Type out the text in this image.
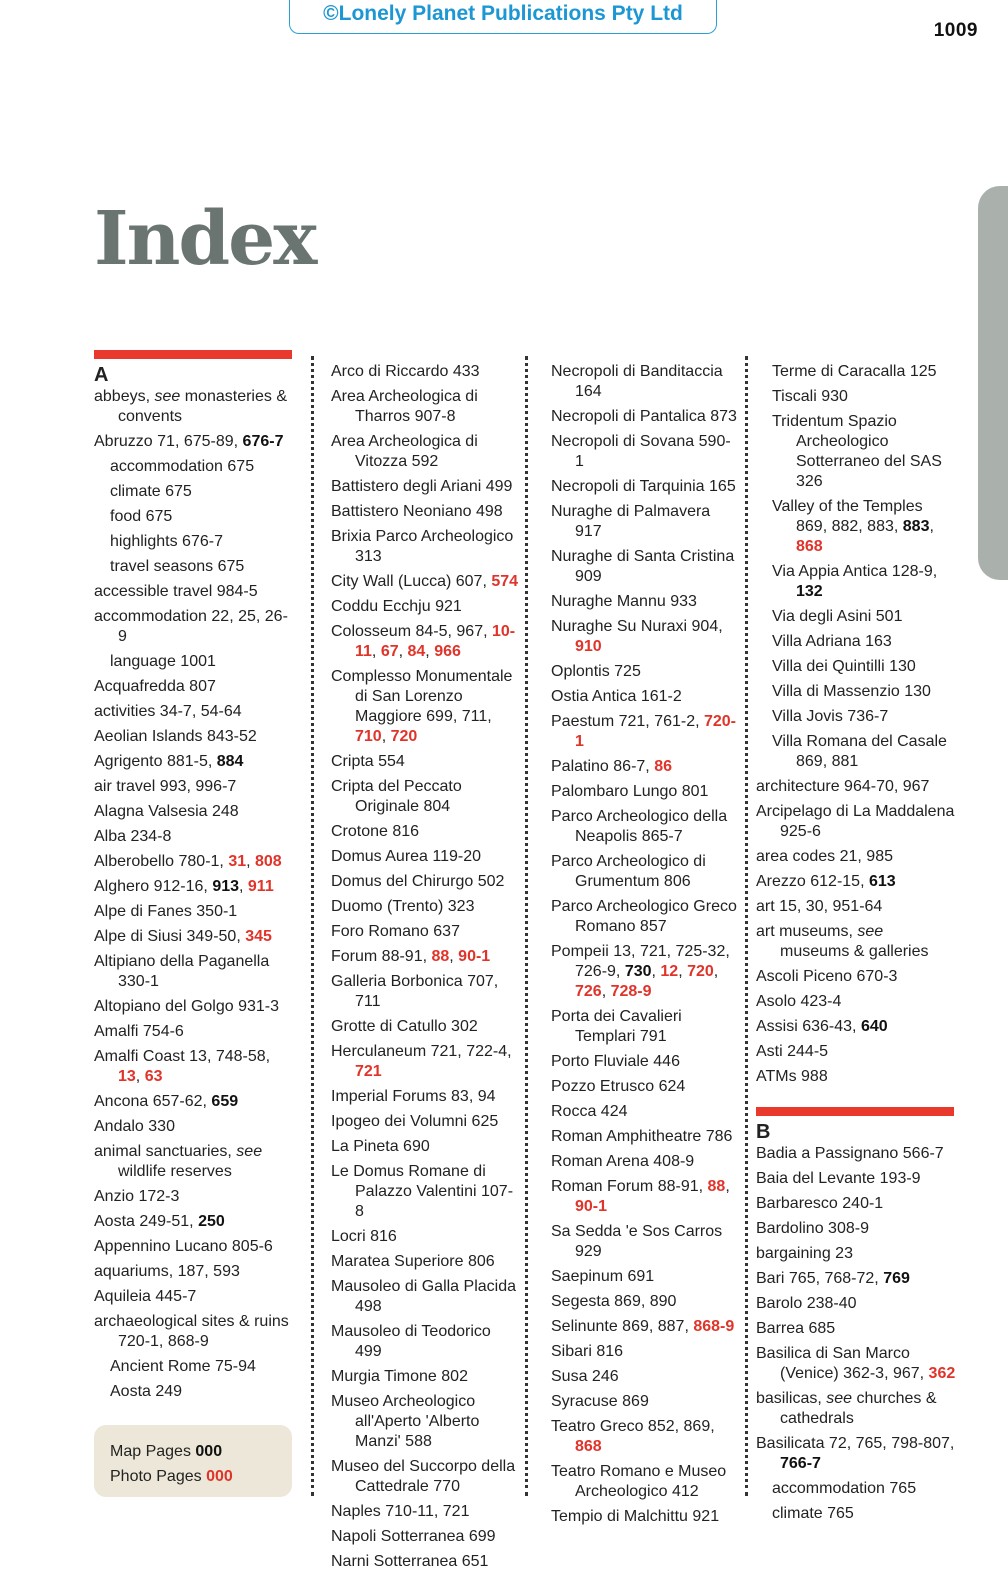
©Lonely Planet Publications Pty Ltd
1009
Index
A
abbeys, see monasteries & convents
Abruzzo 71, 675-89, 676-7
accommodation 675
climate 675
food 675
highlights 676-7
travel seasons 675
accessible travel 984-5
accommodation 22, 25, 26-9
language 1001
Acquafredda 807
activities 34-7, 54-64
Aeolian Islands 843-52
Agrigento 881-5, 884
air travel 993, 996-7
Alagna Valsesia 248
Alba 234-8
Alberobello 780-1, 31, 808
Alghero 912-16, 913, 911
Alpe di Fanes 350-1
Alpe di Siusi 349-50, 345
Altipiano della Paganella 330-1
Altopiano del Golgo 931-3
Amalfi 754-6
Amalfi Coast 13, 748-58, 13, 63
Ancona 657-62, 659
Andalo 330
animal sanctuaries, see wildlife reserves
Anzio 172-3
Aosta 249-51, 250
Appennino Lucano 805-6
aquariums, 187, 593
Aquileia 445-7
archaeological sites & ruins 720-1, 868-9
Ancient Rome 75-94
Aosta 249
Arco di Riccardo 433
Area Archeologica di Tharros 907-8
Area Archeologica di Vitozza 592
Battistero degli Ariani 499
Battistero Neoniano 498
Brixia Parco Archeologico 313
City Wall (Lucca) 607, 574
Coddu Ecchju 921
Colosseum 84-5, 967, 10-11, 67, 84, 966
Complesso Monumentale di San Lorenzo Maggiore 699, 711, 710, 720
Cripta 554
Cripta del Peccato Originale 804
Crotone 816
Domus Aurea 119-20
Domus del Chirurgo 502
Duomo (Trento) 323
Foro Romano 637
Forum 88-91, 88, 90-1
Galleria Borbonica 707, 711
Grotte di Catullo 302
Herculaneum 721, 722-4, 721
Imperial Forums 83, 94
Ipogeo dei Volumni 625
La Pineta 690
Le Domus Romane di Palazzo Valentini 107-8
Locri 816
Maratea Superiore 806
Mausoleo di Galla Placida 498
Mausoleo di Teodorico 499
Murgia Timone 802
Museo Archeologico all'Aperto 'Alberto Manzi' 588
Museo del Succorpo della Cattedrale 770
Naples 710-11, 721
Napoli Sotterranea 699
Narni Sotterranea 651
Necropoli di Banditaccia 164
Necropoli di Pantalica 873
Necropoli di Sovana 590-1
Necropoli di Tarquinia 165
Nuraghe di Palmavera 917
Nuraghe di Santa Cristina 909
Nuraghe Mannu 933
Nuraghe Su Nuraxi 904, 910
Oplontis 725
Ostia Antica 161-2
Paestum 721, 761-2, 720-1
Palatino 86-7, 86
Palombaro Lungo 801
Parco Archeologico della Neapolis 865-7
Parco Archeologico di Grumentum 806
Parco Archeologico Greco Romano 857
Pompeii 13, 721, 725-32, 726-9, 730, 12, 720, 726, 728-9
Porta dei Cavalieri Templari 791
Porto Fluviale 446
Pozzo Etrusco 624
Rocca 424
Roman Amphitheatre 786
Roman Arena 408-9
Roman Forum 88-91, 88, 90-1
Sa Sedda 'e Sos Carros 929
Saepinum 691
Segesta 869, 890
Selinunte 869, 887, 868-9
Sibari 816
Susa 246
Syracuse 869
Teatro Greco 852, 869, 868
Teatro Romano e Museo Archeologico 412
Tempio di Malchittu 921
Terme di Caracalla 125
Tiscali 930
Tridentum Spazio Archeologico Sotterraneo del SAS 326
Valley of the Temples 869, 882, 883, 883, 868
Via Appia Antica 128-9, 132
Via degli Asini 501
Villa Adriana 163
Villa dei Quintilli 130
Villa di Massenzio 130
Villa Jovis 736-7
Villa Romana del Casale 869, 881
architecture 964-70, 967
Arcipelago di La Maddalena 925-6
area codes 21, 985
Arezzo 612-15, 613
art 15, 30, 951-64
art museums, see museums & galleries
Ascoli Piceno 670-3
Asolo 423-4
Assisi 636-43, 640
Asti 244-5
ATMs 988
B
Badia a Passignano 566-7
Baia del Levante 193-9
Barbaresco 240-1
Bardolino 308-9
bargaining 23
Bari 765, 768-72, 769
Barolo 238-40
Barrea 685
Basilica di San Marco (Venice) 362-3, 967, 362
basilicas, see churches & cathedrals
Basilicata 72, 765, 798-807, 766-7
accommodation 765
climate 765
Map Pages 000
Photo Pages 000
